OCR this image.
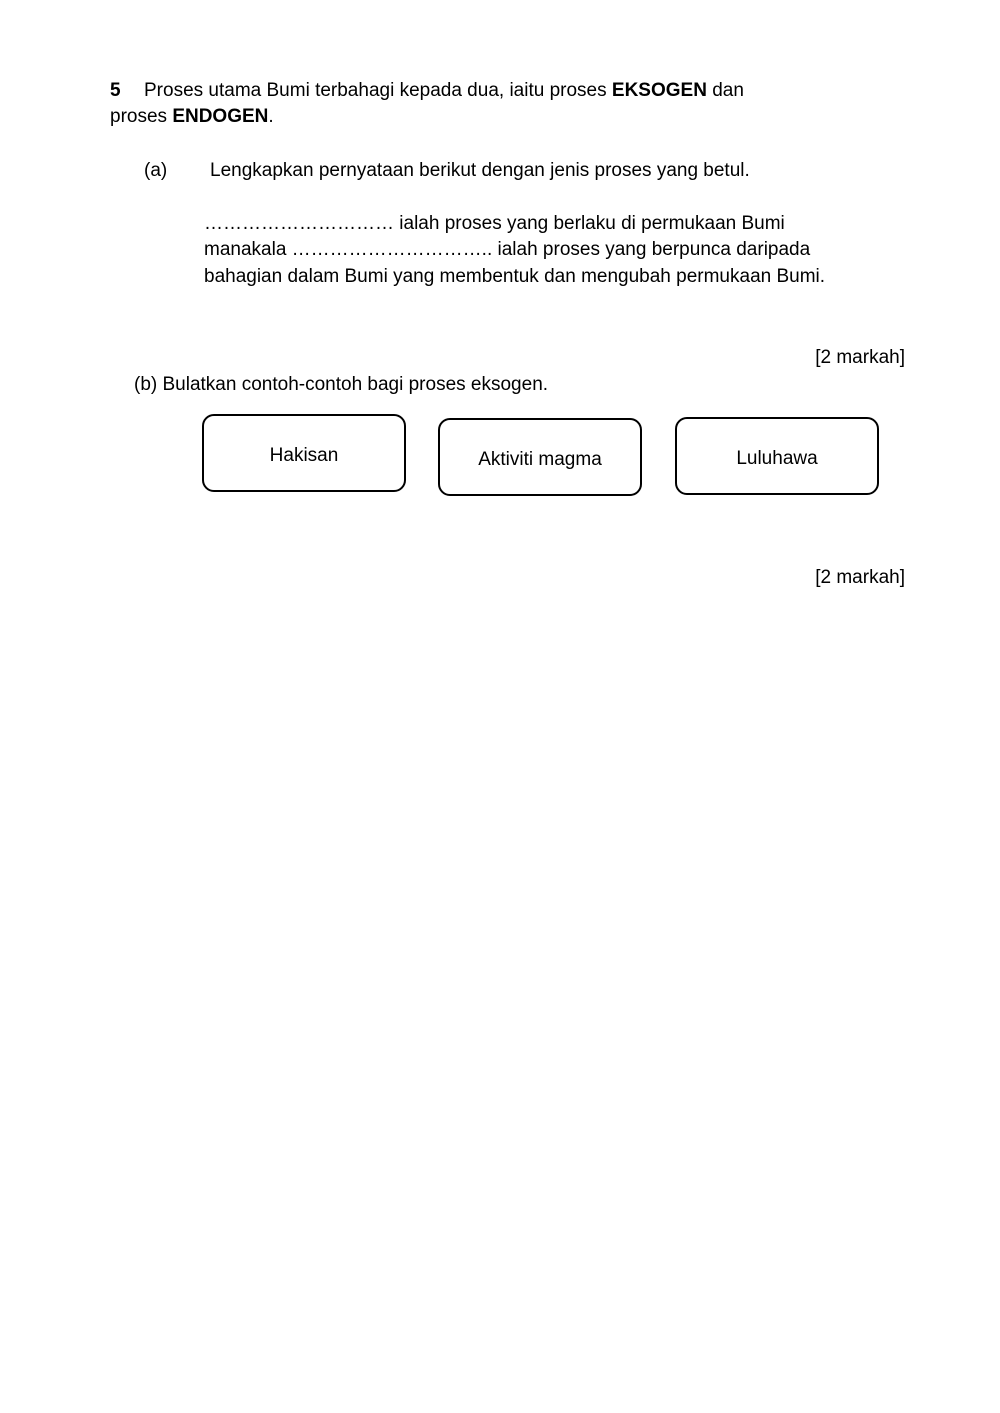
5 Proses utama Bumi terbahagi kepada dua, iaitu proses EKSOGEN dan
proses ENDOGEN.
(a) Lengkapkan pernyataan berikut dengan jenis proses yang betul.
………………………… ialah proses yang berlaku di permukaan Bumi
manakala ………………………….. ialah proses yang berpunca daripada
bahagian dalam Bumi yang membentuk dan mengubah permukaan Bumi.
[2 markah]
(b) Bulatkan contoh-contoh bagi proses eksogen.
Hakisan	Aktiviti magma	Luluhawa
[2 markah]
